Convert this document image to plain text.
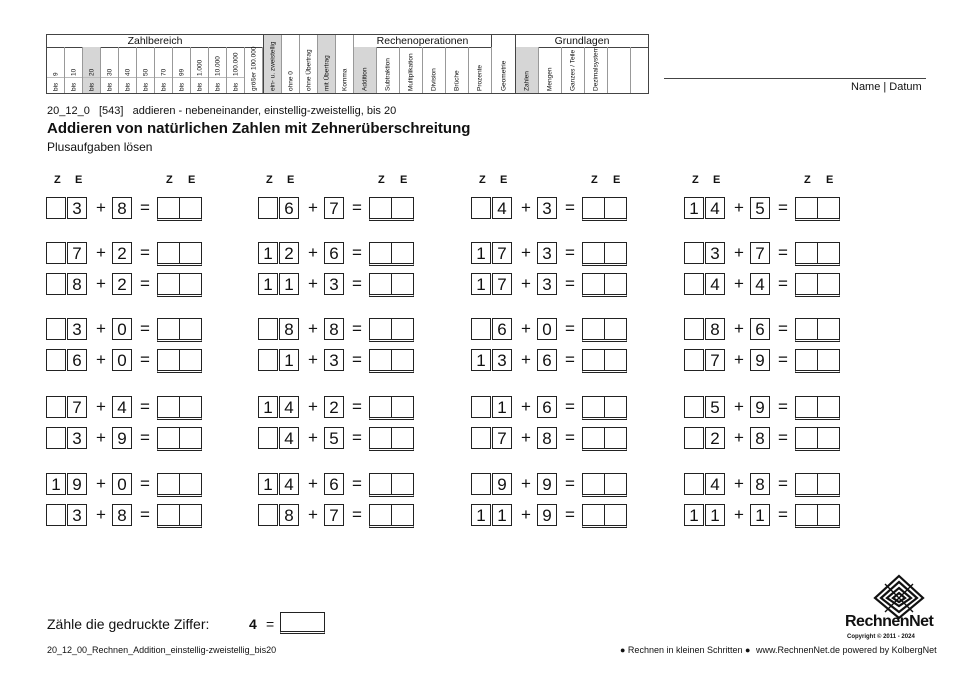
Zahlbereich
9
bis
10
bis
20
bis
30
bis
40
bis
50
bis
70
bis
99
bis
1.000
bis
10.000
bis
100.000
bis größer 100.000 ein- u. zweistellig ohne 0 ohne Übertrag mit Übertrag Komma
Rechenoperationen
Addition Subtraktion Multiplikation Division Brüche Prozente	Geometrie
Grundlagen
Zahlen Mengen Ganzes / Teile Dezimalsystem	Name | Datum
20_12_0   [543]   addieren - nebeneinander, einstellig-zweistellig, bis 20
Addieren von natürlichen Zahlen mit Zehnerüberschreitung
Plusaufgaben lösen
Z E	Z E	Z E	Z E	Z E	Z E	Z E	Z E
3 + 8 =	6 + 7 =	4 + 3 =	1 4 + 5 =
7 + 2 =	1 2 + 6 =	1 7 + 3 =	3 + 7 =
8 + 2 =	1 1 + 3 =	1 7 + 3 =	4 + 4 =
3 + 0 =	8 + 8 =	6 + 0 =	8 + 6 =
6 + 0 =	1 + 3 =	1 3 + 6 =	7 + 9 =
7 + 4 =	1 4 + 2 =	1 + 6 =	5 + 9 =
3 + 9 =	4 + 5 =	7 + 8 =	2 + 8 =
1 9 + 0 =	1 4 + 6 =	9 + 9 =	4 + 8 =
3 + 8 =	8 + 7 =	1 1 + 9 =	1 1 + 1 =
Zähle die gedruckte Ziffer:	4 =	RechnenNet
Copyright © 2011 - 2024
20_12_00_Rechnen_Addition_einstellig-zweistellig_bis20	● Rechnen in kleinen Schritten ● www.RechnenNet.de powered by KolbergNet
